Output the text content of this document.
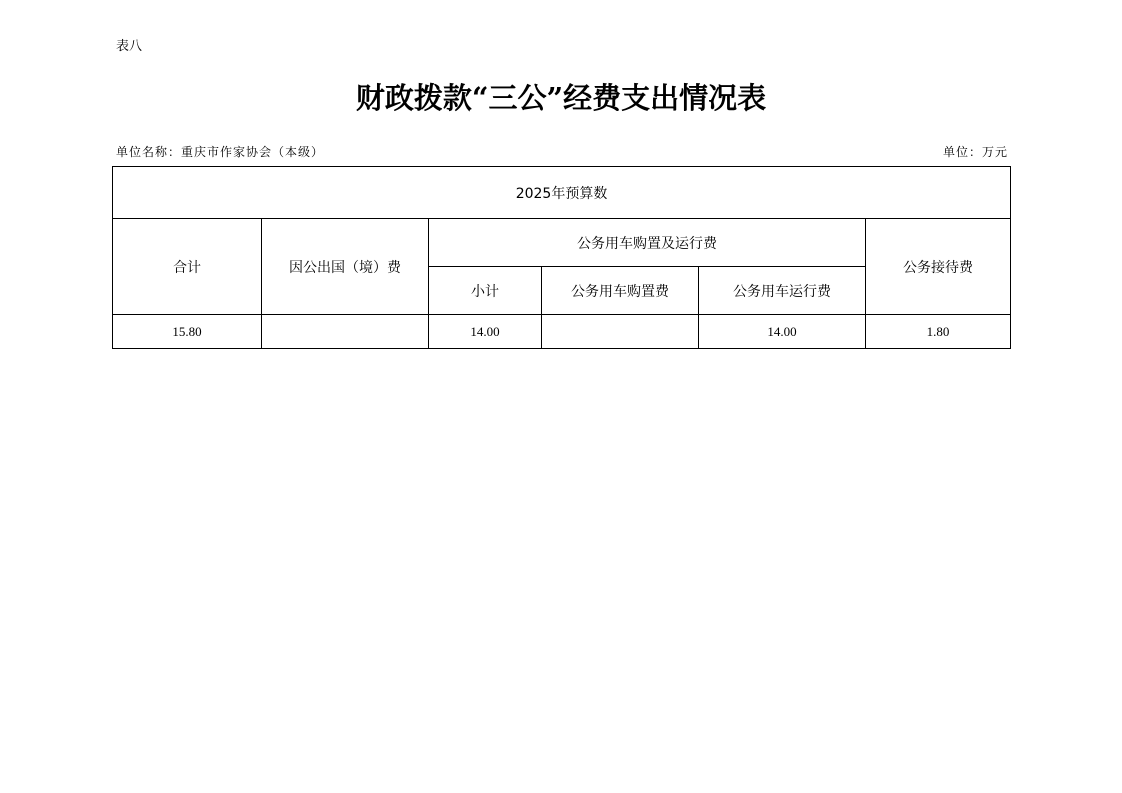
表八
财政拨款“三公”经费支出情况表
单位名称：重庆市作家协会（本级）	单位：万元
2025年预算数					
合计	因公出国（境）费	公务用车购置及运行费			公务接待费
		小计	公务用车购置费	公务用车运行费	
15.80		14.00		14.00	1.80
